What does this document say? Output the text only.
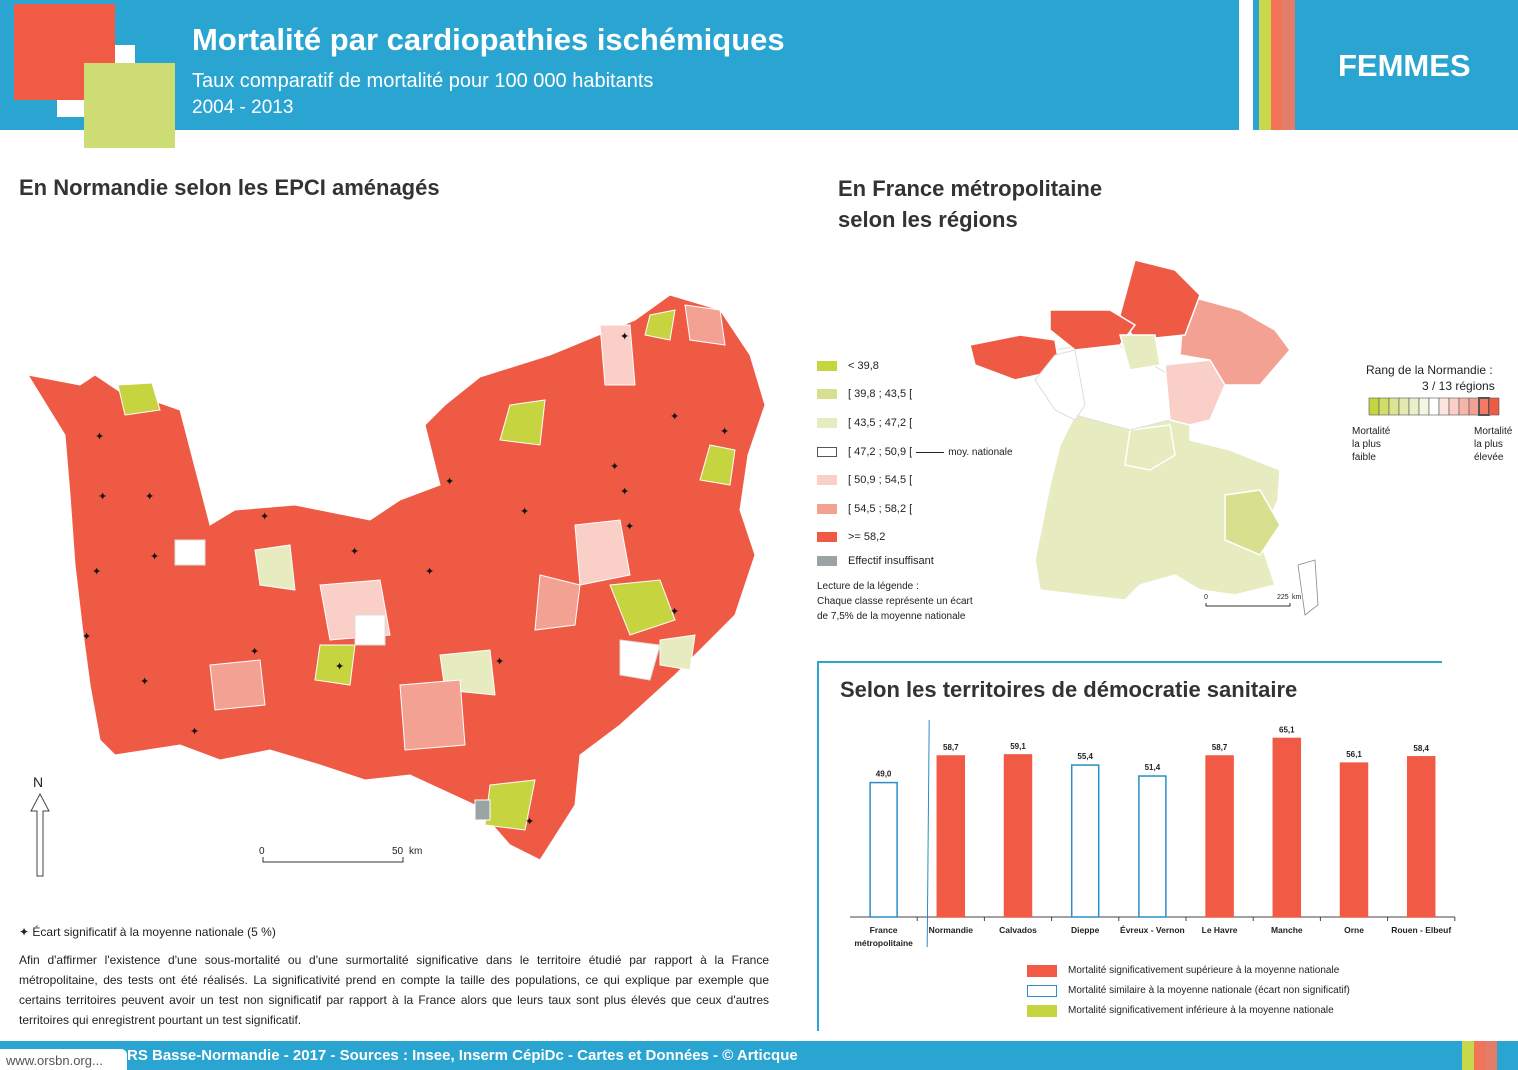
Mortalité par cardiopathies ischémiques
Taux comparatif de mortalité pour 100 000 habitants
2004 - 2013
FEMMES
En Normandie selon les EPCI aménagés	En France métropolitaine
selon les régions
✦
✦	✦
✦
✦
✦
✦
✦
✦
✦
✦
✦
✦
✦
✦
✦
✦
✦
✦
✦
✦
✦
✦
✦
N
0	50 km
< 39,8
[ 39,8 ; 43,5 [
[ 43,5 ; 47,2 [
[ 47,2 ; 50,9 [	moy. nationale
[ 50,9 ; 54,5 [
[ 54,5 ; 58,2 [
>= 58,2
Effectif insuffisant
Lecture de la légende :
Chaque classe représente un écart
de 7,5% de la moyenne nationale
0	225 km
Rang de la Normandie :
3 / 13 régions
Mortalité
la plus
faible
Mortalité
la plus
élevée
Selon les territoires de démocratie sanitaire
49,0
France
métropolitaine
58,7
Normandie
59,1
Calvados
55,4
Dieppe
51,4
Évreux - Vernon
58,7
Le Havre
65,1
Manche
56,1
Orne
58,4
Rouen - Elbeuf
Mortalité significativement supérieure à la moyenne nationale
Mortalité similaire à la moyenne nationale (écart non significatif)
Mortalité significativement inférieure à la moyenne nationale
✦ Écart significatif à la moyenne nationale (5 %)
Afin d'affirmer l'existence d'une sous-mortalité ou d'une surmortalité significative dans le territoire étudié par rapport à la France métropolitaine, des tests ont été réalisés. La significativité prend en compte la taille des populations, ce qui explique par exemple que certains territoires peuvent avoir un test non significatif par rapport à la France alors que leurs taux sont plus élevés que ceux d'autres territoires qui enregistrent pourtant un test significatif.
www.orsbn.org... RS Basse-Normandie - 2017 - Sources : Insee, Inserm CépiDc - Cartes et Données - © Articque
